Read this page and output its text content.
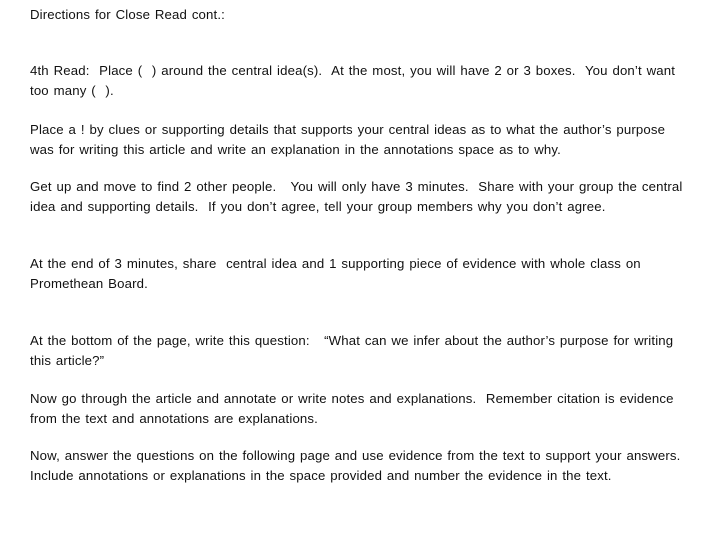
Directions for Close Read cont.:

4th Read:  Place (  ) around the central idea(s).  At the most, you will have 2 or 3 boxes.  You don’t want too many (  ).

Place a ! by clues or supporting details that supports your central ideas as to what the author’s purpose was for writing this article and write an explanation in the annotations space as to why.

Get up and move to find 2 other people.   You will only have 3 minutes.  Share with your group the central idea and supporting details.  If you don’t agree, tell your group members why you don’t agree.

At the end of 3 minutes, share  central idea and 1 supporting piece of evidence with whole class on Promethean Board.

At the bottom of the page, write this question:   “What can we infer about the author’s purpose for writing this article?”

Now go through the article and annotate or write notes and explanations.  Remember citation is evidence from the text and annotations are explanations.

Now, answer the questions on the following page and use evidence from the text to support your answers.  Include annotations or explanations in the space provided and number the evidence in the text.
